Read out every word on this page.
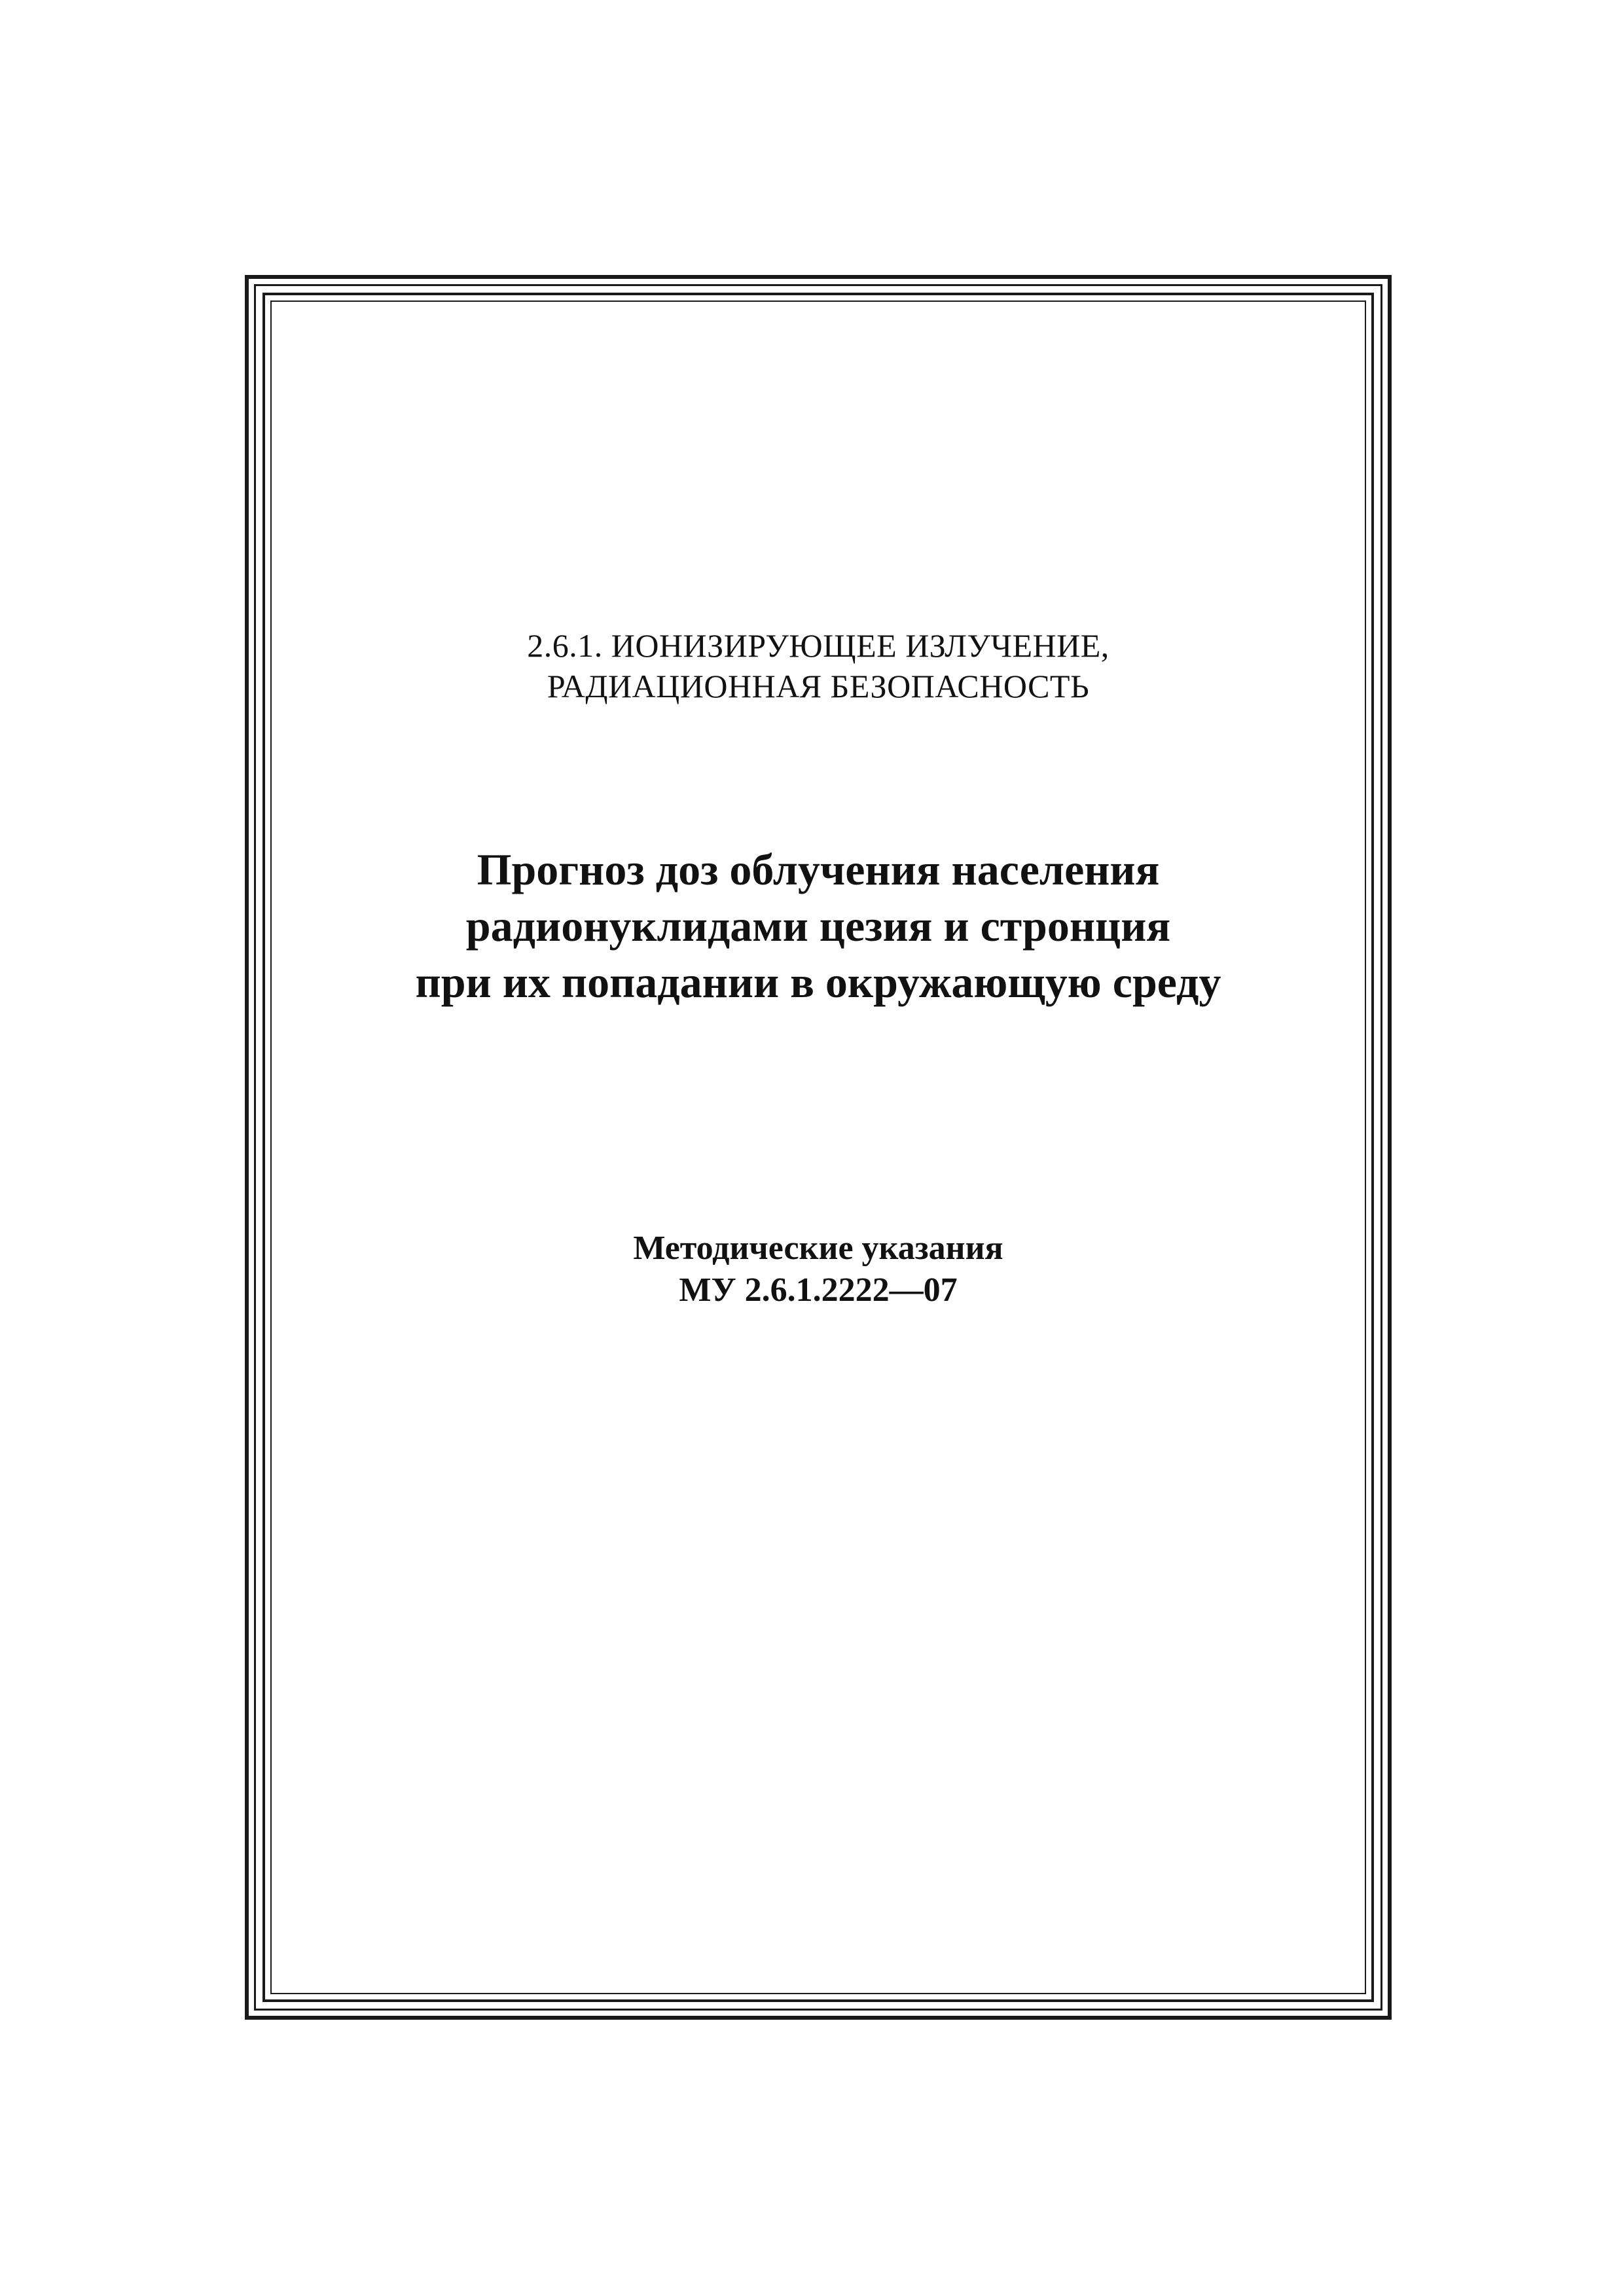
2.6.1. ИОНИЗИРУЮЩЕЕ ИЗЛУЧЕНИЕ,
РАДИАЦИОННАЯ БЕЗОПАСНОСТЬ
Прогноз доз облучения населения
радионуклидами цезия и стронция
при их попадании в окружающую среду
Методические указания
МУ 2.6.1.2222—07
